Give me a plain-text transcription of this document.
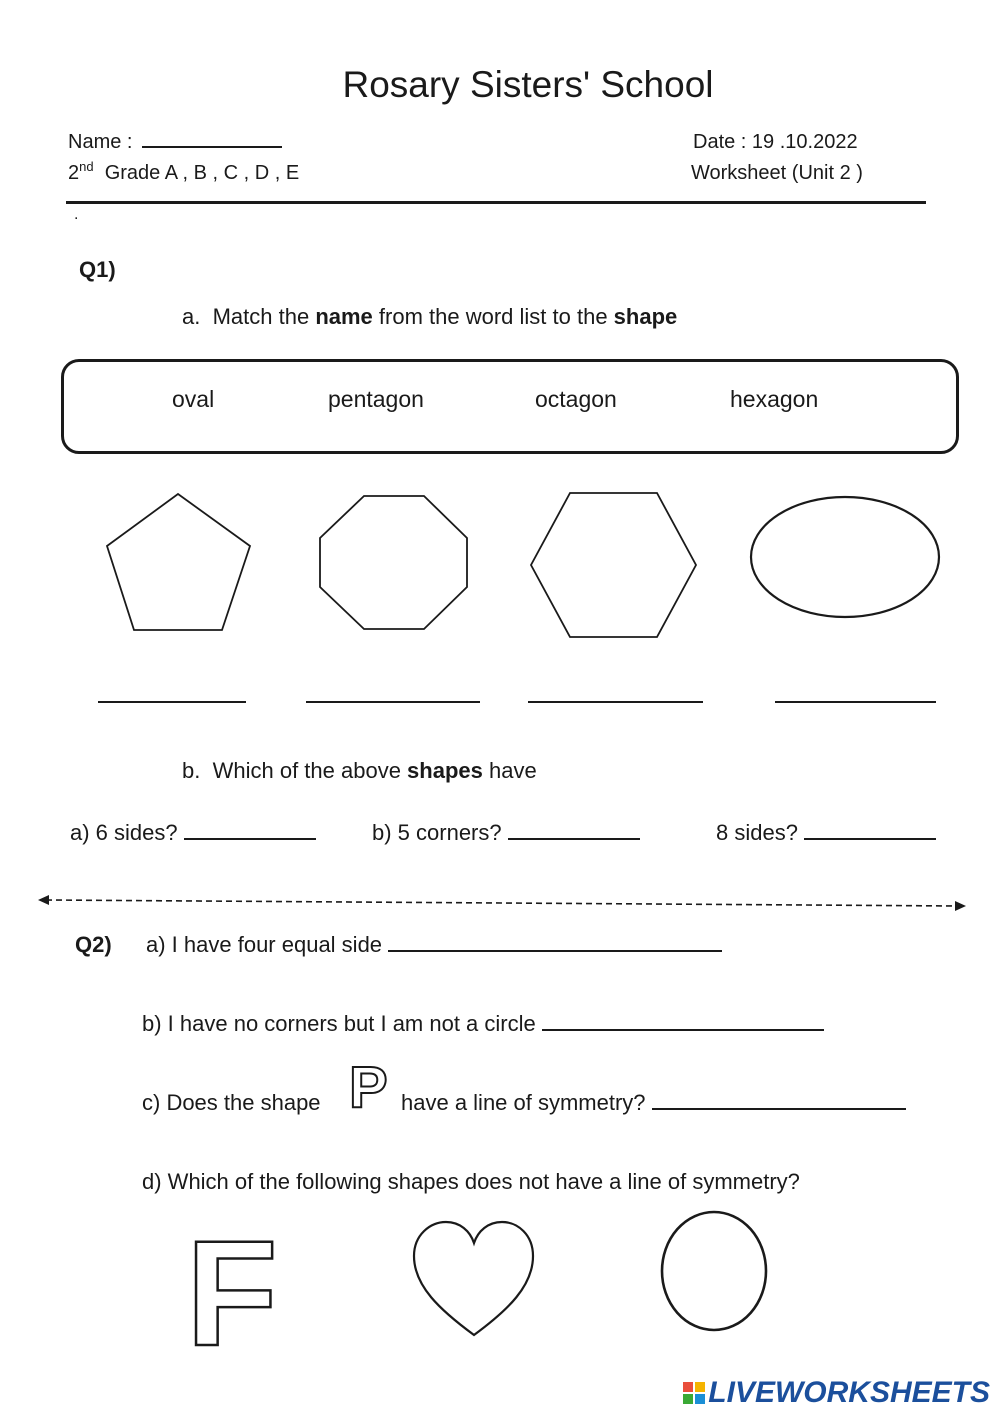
Rosary Sisters' School
Name :
2nd Grade A , B , C , D , E
Date : 19 .10.2022
Worksheet (Unit 2 )
.
Q1)
a. Match the name from the word list to the shape
oval	pentagon	octagon	hexagon
b. Which of the above shapes have
a) 6 sides?	b) 5 corners?	8 sides?
Q2) a) I have four equal side
b) I have no corners but I am not a circle
c) Does the shape P have a line of symmetry?
d) Which of the following shapes does not have a line of symmetry?
F
LIVEWORKSHEETS
